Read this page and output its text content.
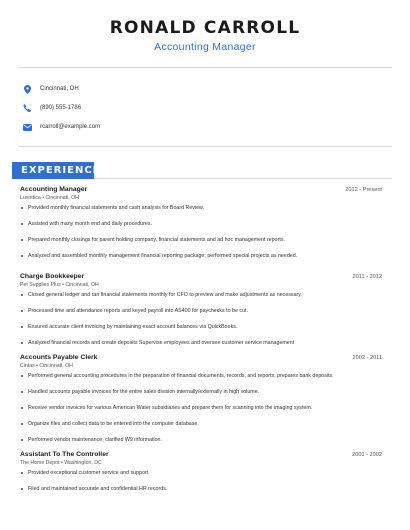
RONALD CARROLL
Accounting Manager
Cincinnati, OH
(890) 555-1786
rcarroll@example.com
EXPERIENCE
Accounting Manager	2012 - Present
Luxottica • Cincinnati, OH
Provided monthly financial statements and cash analysis for Board Review.
Assisted with many month end and daily procedures.
Prepared monthly closings for parent holding company, financial statements and ad hoc management reports.
Analyzed and assembled monthly management financial reporting package; performed special projects as needed.
Charge Bookkeeper	2011 - 2012
Pet Supplies Plus • Cincinnati, OH
Closed general ledger and ran financial statements monthly for CFO to preview and make adjustments as necessary.
Processed time and attendance reports and keyed payroll into AS400 for paychecks to be cut.
Ensured accurate client invoicing by maintaining exact account balances via QuickBooks.
Analyzed financial records and create deposits Supervise employees and oversee customer service management
Accounts Payable Clerk	2002 - 2011
Cintas • Cincinnati, OH
Performed general accounting procedures in the preparation of financial documents, records, and reports; prepares bank deposits.
Handled accounts payable invoices for the entire sales division internally/externally in high volume.
Receive vendor invoices for various American Water subsidiaries and prepare them for scanning into the imaging system.
Organize files and collect data to be entered into the computer database.
Performed vendor maintenance, clarified W9 information.
Assistant To The Controller	2001 - 2002
The Home Depot • Washington, DC
Provided exceptional customer service and support.
Filed and maintained accurate and confidential HR records.
